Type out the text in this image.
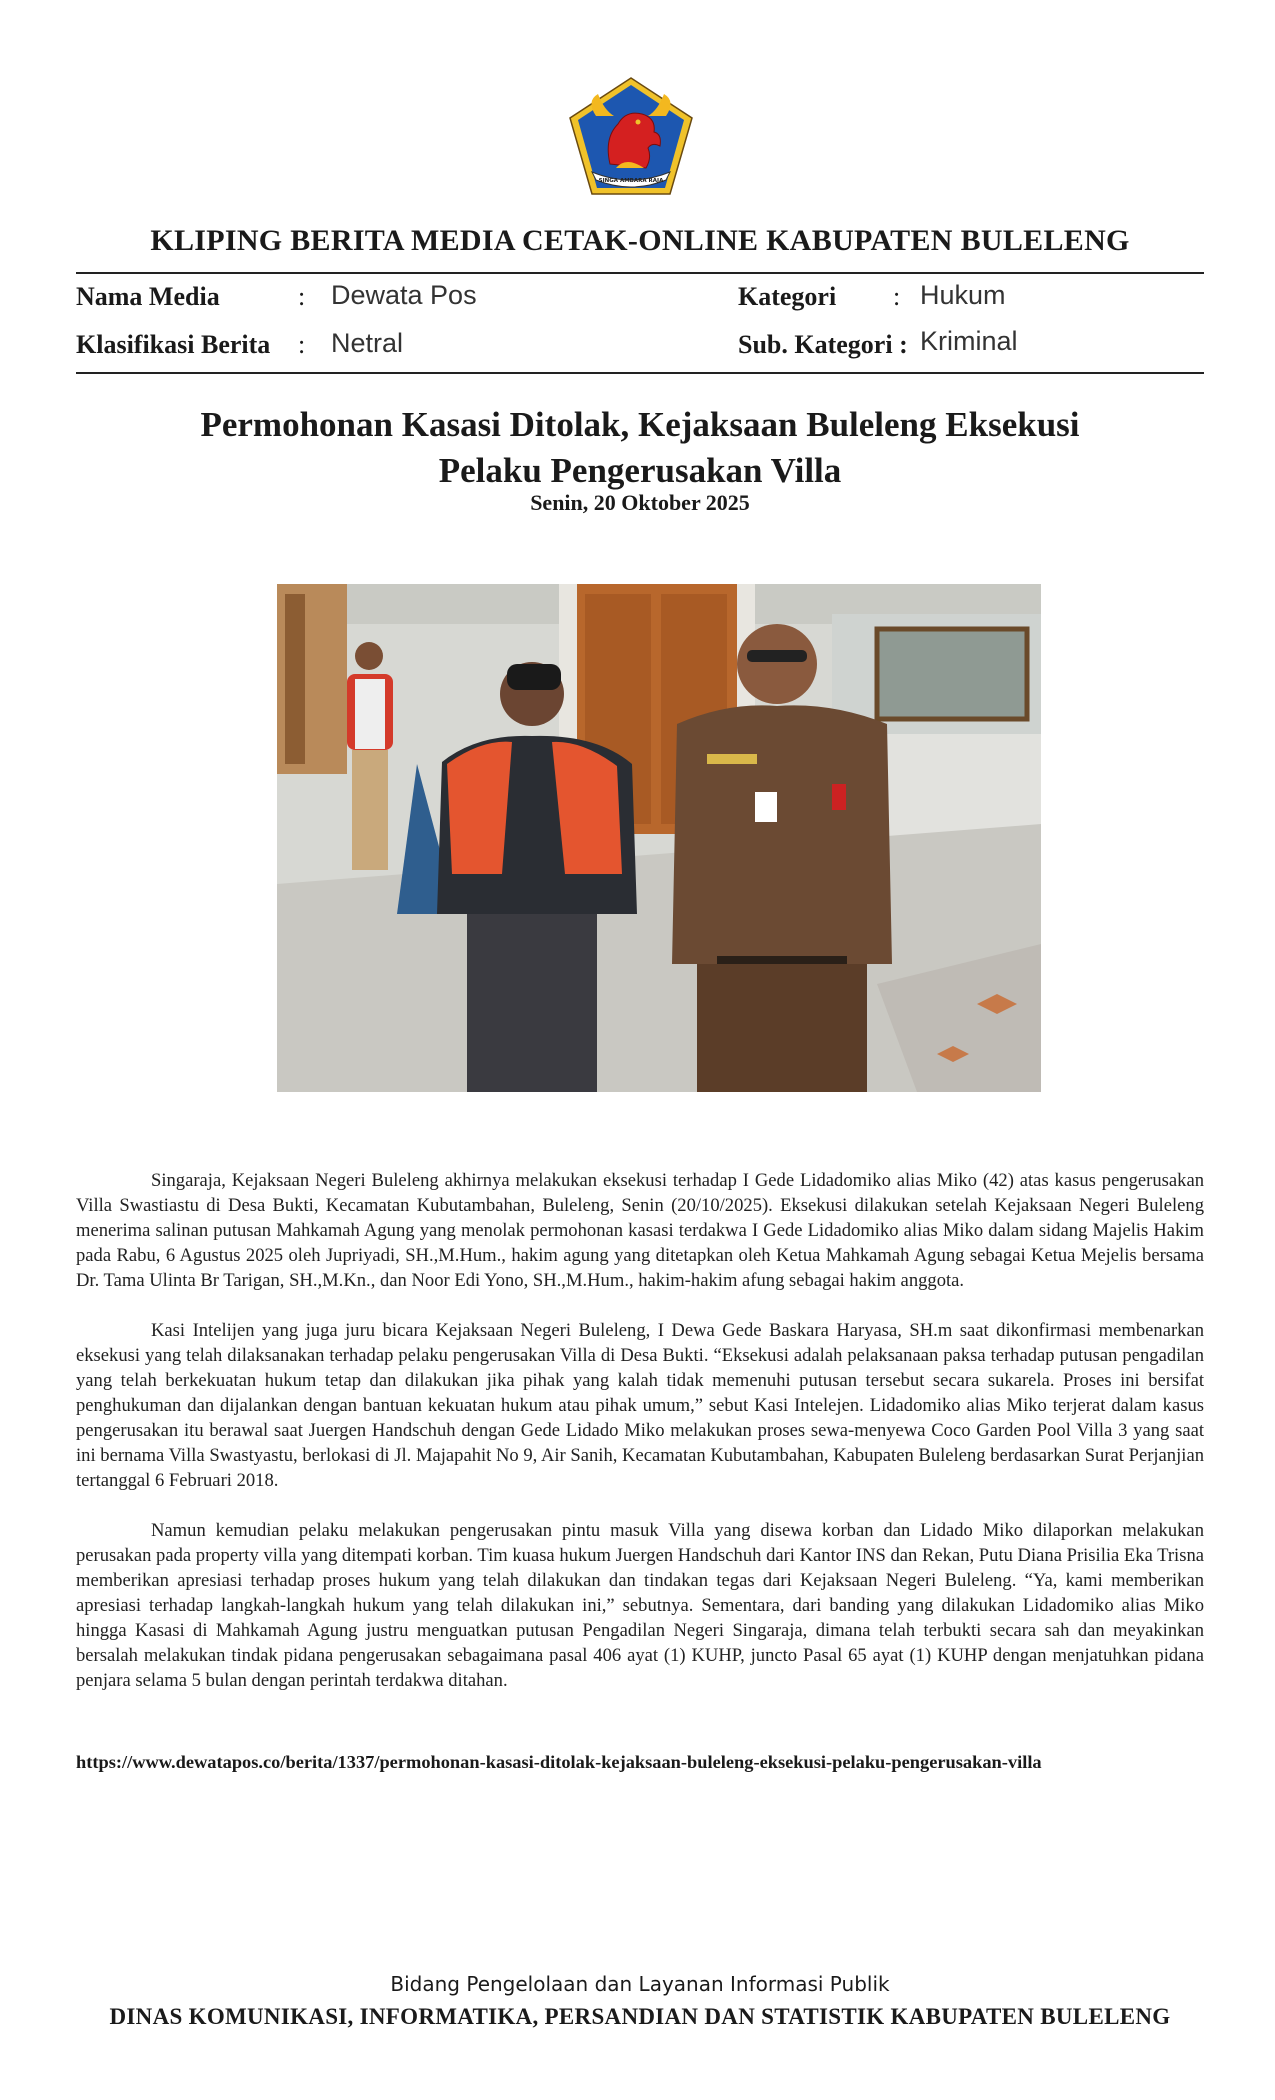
SINGA AMBARA RAJA
KLIPING BERITA MEDIA CETAK-ONLINE KABUPATEN BULELENG
Nama Media	: Dewata Pos	Kategori : Hukum
Klasifikasi Berita : Netral	Sub. Kategori : Kriminal
Permohonan Kasasi Ditolak, Kejaksaan Buleleng Eksekusi
Pelaku Pengerusakan Villa
Senin, 20 Oktober 2025

Singaraja, Kejaksaan Negeri Buleleng akhirnya melakukan eksekusi terhadap I Gede Lidadomiko alias Miko (42) atas kasus pengerusakan Villa Swastiastu di Desa Bukti, Kecamatan Kubutambahan, Buleleng, Senin (20/10/2025). Eksekusi dilakukan setelah Kejaksaan Negeri Buleleng menerima salinan putusan Mahkamah Agung yang menolak permohonan kasasi terdakwa I Gede Lidadomiko alias Miko dalam sidang Majelis Hakim pada Rabu, 6 Agustus 2025 oleh Jupriyadi, SH.,M.Hum., hakim agung yang ditetapkan oleh Ketua Mahkamah Agung sebagai Ketua Mejelis bersama Dr. Tama Ulinta Br Tarigan, SH.,M.Kn., dan Noor Edi Yono, SH.,M.Hum., hakim-hakim afung sebagai hakim anggota.

Kasi Intelijen yang juga juru bicara Kejaksaan Negeri Buleleng, I Dewa Gede Baskara Haryasa, SH.m saat dikonfirmasi membenarkan eksekusi yang telah dilaksanakan terhadap pelaku pengerusakan Villa di Desa Bukti. “Eksekusi adalah pelaksanaan paksa terhadap putusan pengadilan yang telah berkekuatan hukum tetap dan dilakukan jika pihak yang kalah tidak memenuhi putusan tersebut secara sukarela. Proses ini bersifat penghukuman dan dijalankan dengan bantuan kekuatan hukum atau pihak umum,” sebut Kasi Intelejen. Lidadomiko alias Miko terjerat dalam kasus pengerusakan itu berawal saat Juergen Handschuh dengan Gede Lidado Miko melakukan proses sewa-menyewa Coco Garden Pool Villa 3 yang saat ini bernama Villa Swastyastu, berlokasi di Jl. Majapahit No 9, Air Sanih, Kecamatan Kubutambahan, Kabupaten Buleleng berdasarkan Surat Perjanjian tertanggal 6 Februari 2018.

Namun kemudian pelaku melakukan pengerusakan pintu masuk Villa yang disewa korban dan Lidado Miko dilaporkan melakukan perusakan pada property villa yang ditempati korban. Tim kuasa hukum Juergen Handschuh dari Kantor INS dan Rekan, Putu Diana Prisilia Eka Trisna memberikan apresiasi terhadap proses hukum yang telah dilakukan dan tindakan tegas dari Kejaksaan Negeri Buleleng. “Ya, kami memberikan apresiasi terhadap langkah-langkah hukum yang telah dilakukan ini,” sebutnya. Sementara, dari banding yang dilakukan Lidadomiko alias Miko hingga Kasasi di Mahkamah Agung justru menguatkan putusan Pengadilan Negeri Singaraja, dimana telah terbukti secara sah dan meyakinkan bersalah melakukan tindak pidana pengerusakan sebagaimana pasal 406 ayat (1) KUHP, juncto Pasal 65 ayat (1) KUHP dengan menjatuhkan pidana penjara selama 5 bulan dengan perintah terdakwa ditahan.

https://www.dewatapos.co/berita/1337/permohonan-kasasi-ditolak-kejaksaan-buleleng-eksekusi-pelaku-pengerusakan-villa
Bidang Pengelolaan dan Layanan Informasi Publik
DINAS KOMUNIKASI, INFORMATIKA, PERSANDIAN DAN STATISTIK KABUPATEN BULELENG
